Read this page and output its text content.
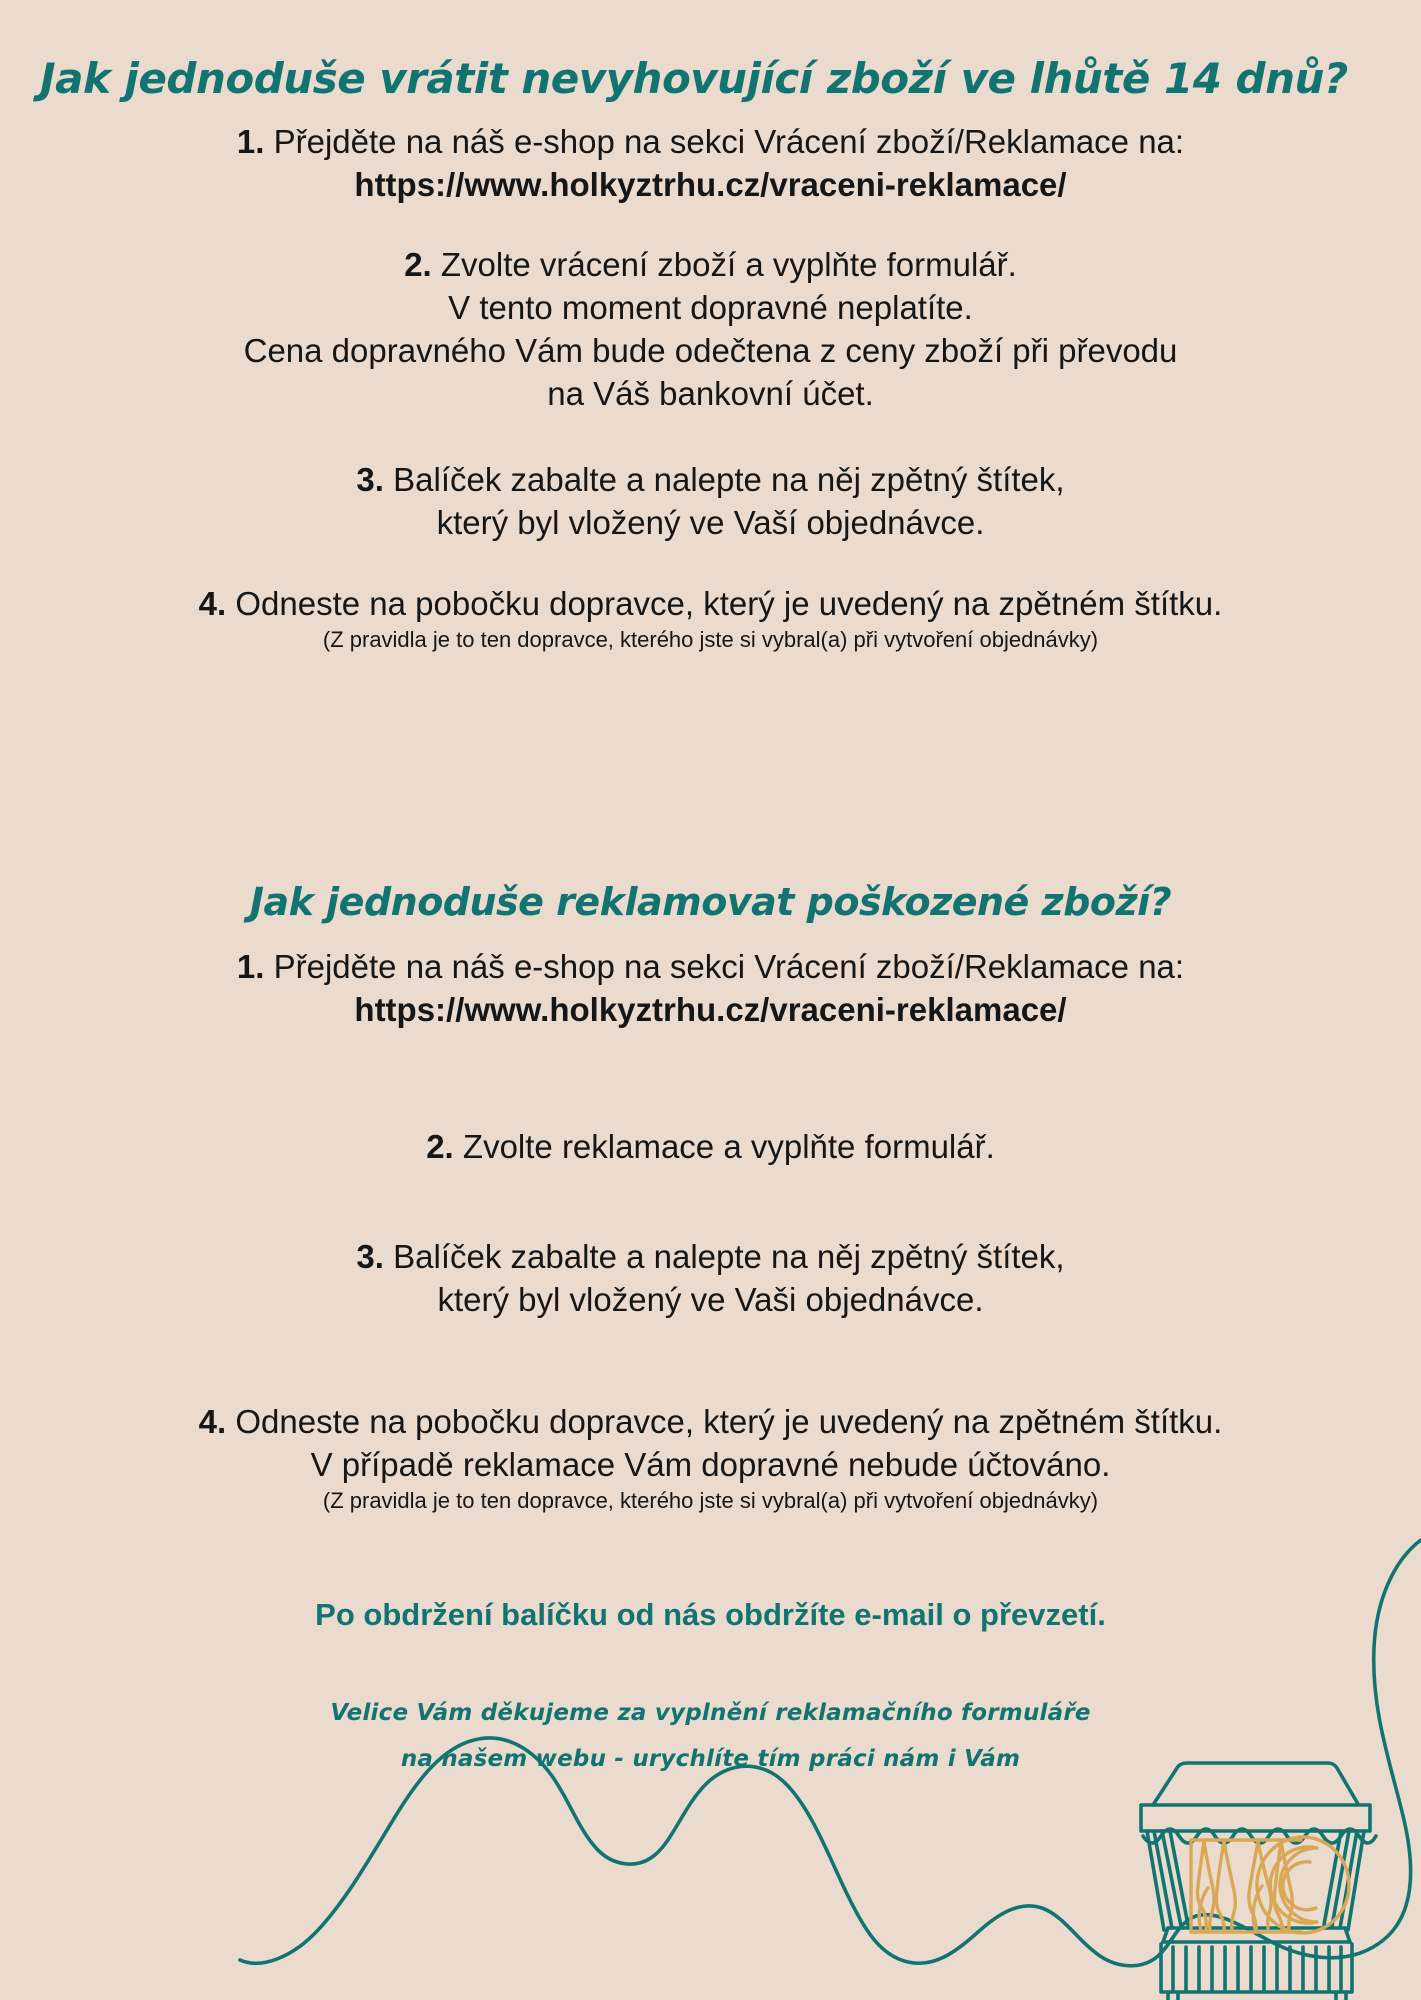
Jak jednoduše vrátit nevyhovující zboží ve lhůtě 14 dnů?
1. Přejděte na náš e-shop na sekci Vrácení zboží/Reklamace na:
https://www.holkyztrhu.cz/vraceni-reklamace/
2. Zvolte vrácení zboží a vyplňte formulář.
V tento moment dopravné neplatíte.
Cena dopravného Vám bude odečtena z ceny zboží při převodu
na Váš bankovní účet.
3. Balíček zabalte a nalepte na něj zpětný štítek,
který byl vložený ve Vaší objednávce.
4. Odneste na pobočku dopravce, který je uvedený na zpětném štítku.
(Z pravidla je to ten dopravce, kterého jste si vybral(a) při vytvoření objednávky)
Jak jednoduše reklamovat poškozené zboží?
1. Přejděte na náš e-shop na sekci Vrácení zboží/Reklamace na:
https://www.holkyztrhu.cz/vraceni-reklamace/
2. Zvolte reklamace a vyplňte formulář.
3. Balíček zabalte a nalepte na něj zpětný štítek,
který byl vložený ve Vaši objednávce.
4. Odneste na pobočku dopravce, který je uvedený na zpětném štítku.
V případě reklamace Vám dopravné nebude účtováno.
(Z pravidla je to ten dopravce, kterého jste si vybral(a) při vytvoření objednávky)
Po obdržení balíčku od nás obdržíte e-mail o převzetí.
Velice Vám děkujeme za vyplnění reklamačního formuláře
na našem webu - urychlíte tím práci nám i Vám
